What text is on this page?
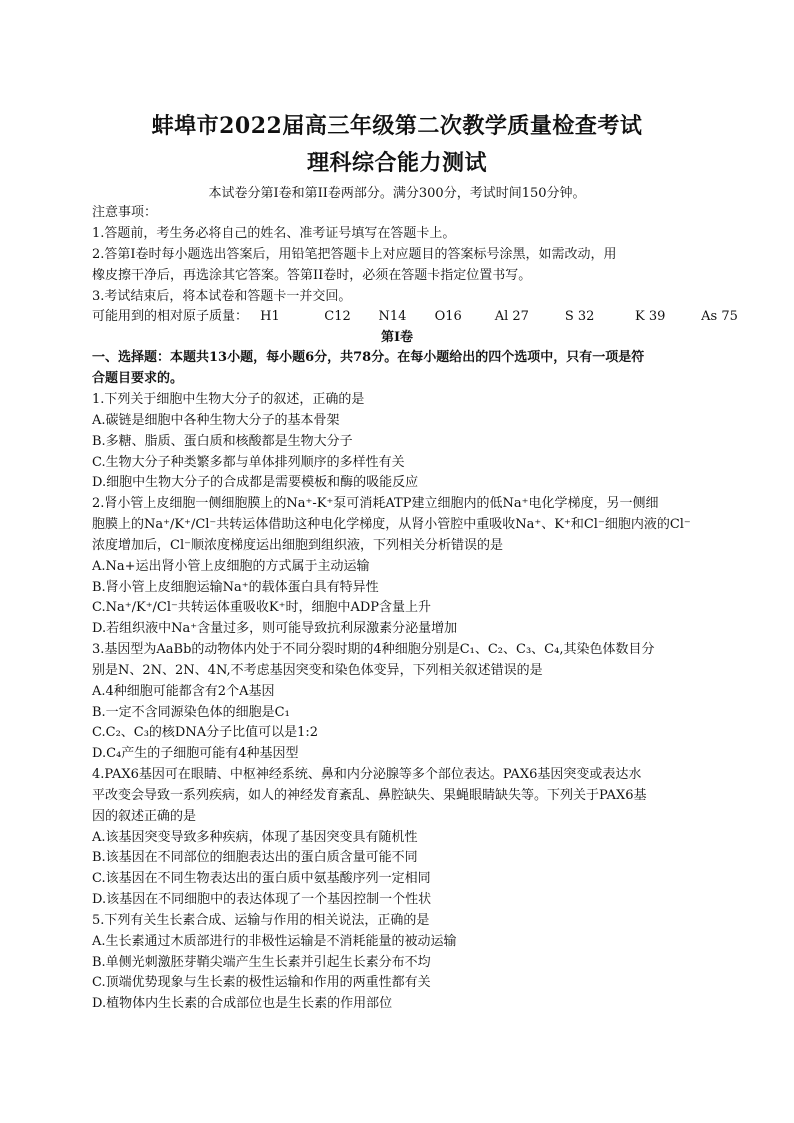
蚌埠市2022届高三年级第二次教学质量检查考试
理科综合能力测试
本试卷分第I卷和第II卷两部分。满分300分，考试时间150分钟。
注意事项：
1.答题前，考生务必将自己的姓名、准考证号填写在答题卡上。
2.答第I卷时每小题选出答案后，用铅笔把答题卡上对应题目的答案标号涂黑，如需改动，用
橡皮擦干净后，再选涂其它答案。答第II卷时，必须在答题卡指定位置书写。
3.考试结束后，将本试卷和答题卡一并交回。
可能用到的相对原子质量： H1	C12 N14 O16	Al 27	S 32	K 39	As 75
第I卷
一、选择题：本题共13小题，每小题6分，共78分。在每小题给出的四个选项中，只有一项是符
合题目要求的。
1.下列关于细胞中生物大分子的叙述，正确的是
A.碳链是细胞中各种生物大分子的基本骨架
B.多糖、脂质、蛋白质和核酸都是生物大分子
C.生物大分子种类繁多都与单体排列顺序的多样性有关
D.细胞中生物大分子的合成都是需要模板和酶的吸能反应
2.肾小管上皮细胞一侧细胞膜上的Na⁺-K⁺泵可消耗ATP建立细胞内的低Na⁺电化学梯度，另一侧细
胞膜上的Na⁺/K⁺/Cl⁻共转运体借助这种电化学梯度，从肾小管腔中重吸收Na⁺、K⁺和Cl⁻细胞内液的Cl⁻
浓度增加后，Cl⁻顺浓度梯度运出细胞到组织液，下列相关分析错误的是
A.Na+运出肾小管上皮细胞的方式属于主动运输
B.肾小管上皮细胞运输Na⁺的载体蛋白具有特异性
C.Na⁺/K⁺/Cl⁻共转运体重吸收K⁺时，细胞中ADP含量上升
D.若组织液中Na⁺含量过多，则可能导致抗利尿激素分泌量增加
3.基因型为AaBb的动物体内处于不同分裂时期的4种细胞分别是C₁、C₂、C₃、C₄,其染色体数目分
别是N、2N、2N、4N,不考虑基因突变和染色体变异，下列相关叙述错误的是
A.4种细胞可能都含有2个A基因
B.一定不含同源染色体的细胞是C₁
C.C₂、C₃的核DNA分子比值可以是1:2
D.C₄产生的子细胞可能有4种基因型
4.PAX6基因可在眼睛、中枢神经系统、鼻和内分泌腺等多个部位表达。PAX6基因突变或表达水
平改变会导致一系列疾病，如人的神经发育紊乱、鼻腔缺失、果蝇眼睛缺失等。下列关于PAX6基
因的叙述正确的是
A.该基因突变导致多种疾病，体现了基因突变具有随机性
B.该基因在不同部位的细胞表达出的蛋白质含量可能不同
C.该基因在不同生物表达出的蛋白质中氨基酸序列一定相同
D.该基因在不同细胞中的表达体现了一个基因控制一个性状
5.下列有关生长素合成、运输与作用的相关说法，正确的是
A.生长素通过木质部进行的非极性运输是不消耗能量的被动运输
B.单侧光刺激胚芽鞘尖端产生生长素并引起生长素分布不均
C.顶端优势现象与生长素的极性运输和作用的两重性都有关
D.植物体内生长素的合成部位也是生长素的作用部位
